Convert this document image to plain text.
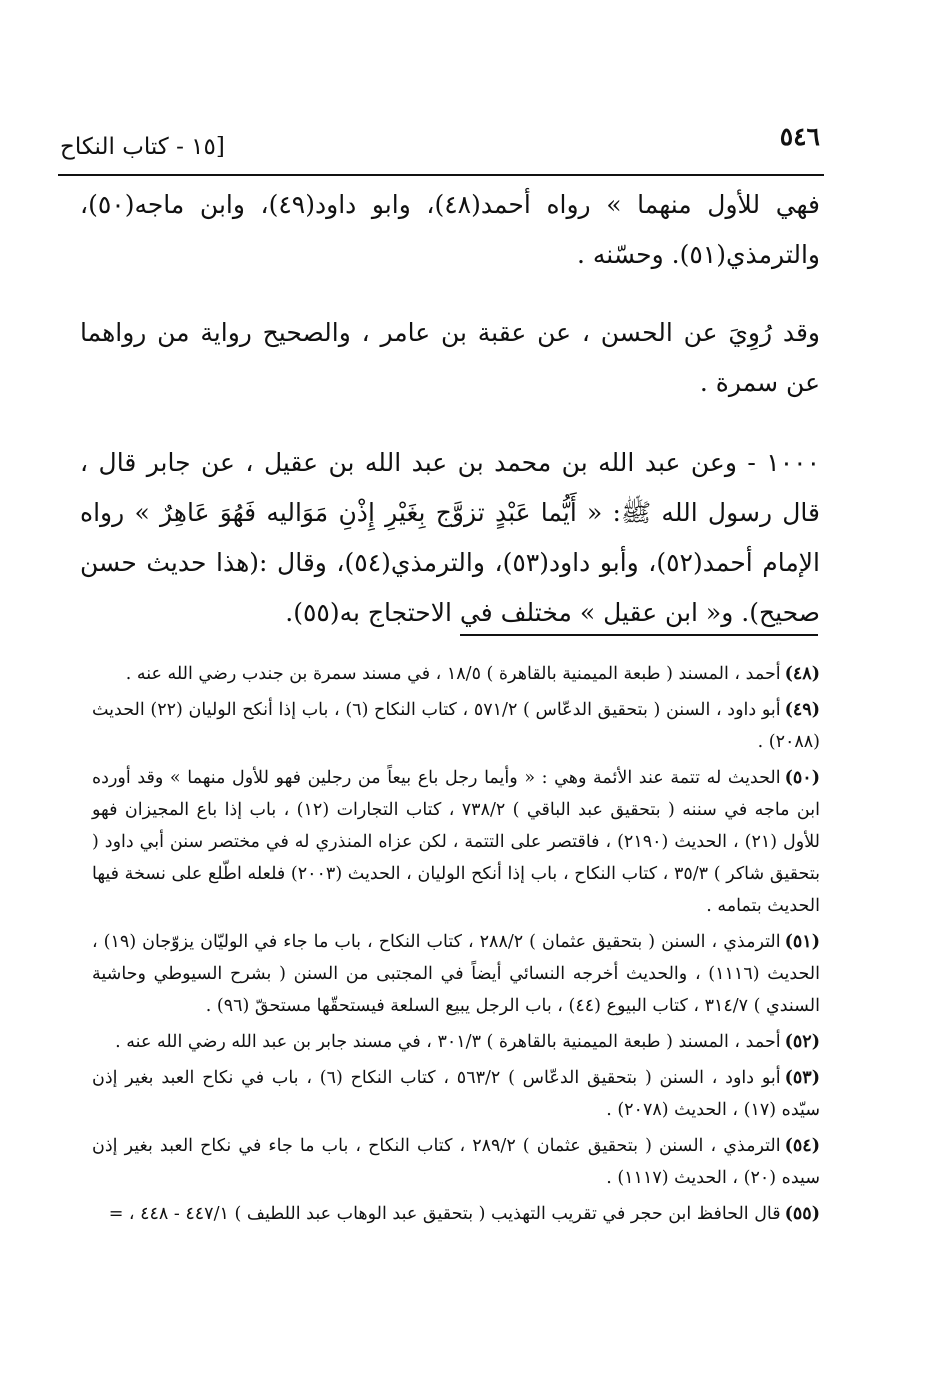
٥٤٦
[١٥ - كتاب النكاح

فهي للأول منهما » رواه أحمد(٤٨)، وابو داود(٤٩)، وابن ماجه(٥٠)، والترمذي(٥١). وحسّنه .

وقد رُوِيَ عن الحسن ، عن عقبة بن عامر ، والصحيح رواية من رواهما عن سمرة .

١٠٠٠ - وعن عبد الله بن محمد بن عبد الله بن عقيل ، عن جابر قال ، قال رسول الله ﷺ: « أَيُّما عَبْدٍ تزوَّج بِغَيْرِ إِذْنِ مَوَاليه فَهُوَ عَاهِرٌ » رواه الإمام أحمد(٥٢)، وأبو داود(٥٣)، والترمذي(٥٤)، وقال :(هذا حديث حسن صحيح). و« ابن عقيل » مختلف في الاحتجاج به(٥٥).

(٤٨)أحمد ، المسند ( طبعة الميمنية بالقاهرة ) ١٨/٥ ، في مسند سمرة بن جندب رضي الله عنه .

(٤٩)أبو داود ، السنن ( بتحقيق الدعّاس ) ٥٧١/٢ ، كتاب النكاح (٦) ، باب إذا أنكح الوليان (٢٢) الحديث (٢٠٨٨) .

(٥٠)الحديث له تتمة عند الأئمة وهي : « وأيما رجل باع بيعاً من رجلين فهو للأول منهما » وقد أورده ابن ماجه في سننه ( بتحقيق عبد الباقي ) ٧٣٨/٢ ، كتاب التجارات (١٢) ، باب إذا باع المجيزان فهو للأول (٢١) ، الحديث (٢١٩٠) ، فاقتصر على التتمة ، لكن عزاه المنذري له في مختصر سنن أبي داود ( بتحقيق شاكر ) ٣٥/٣ ، كتاب النكاح ، باب إذا أنكح الوليان ، الحديث (٢٠٠٣) فلعله اطّلع على نسخة فيها الحديث بتمامه .

(٥١)الترمذي ، السنن ( بتحقيق عثمان ) ٢٨٨/٢ ، كتاب النكاح ، باب ما جاء في الوليّان يزوّجان (١٩) ، الحديث (١١١٦) ، والحديث أخرجه النسائي أيضاً في المجتبى من السنن ( بشرح السيوطي وحاشية السندي ) ٣١٤/٧ ، كتاب البيوع (٤٤) ، باب الرجل يبيع السلعة فيستحقّها مستحقّ (٩٦) .

(٥٢)أحمد ، المسند ( طبعة الميمنية بالقاهرة ) ٣٠١/٣ ، في مسند جابر بن عبد الله رضي الله عنه .

(٥٣)أبو داود ، السنن ( بتحقيق الدعّاس ) ٥٦٣/٢ ، كتاب النكاح (٦) ، باب في نكاح العبد بغير إذن سيّده (١٧) ، الحديث (٢٠٧٨) .

(٥٤)الترمذي ، السنن ( بتحقيق عثمان ) ٢٨٩/٢ ، كتاب النكاح ، باب ما جاء في نكاح العبد بغير إذن سيده (٢٠) ، الحديث (١١١٧) .

(٥٥)قال الحافظ ابن حجر في تقريب التهذيب ( بتحقيق عبد الوهاب عبد اللطيف ) ٤٤٧/١ - ٤٤٨ ، =
